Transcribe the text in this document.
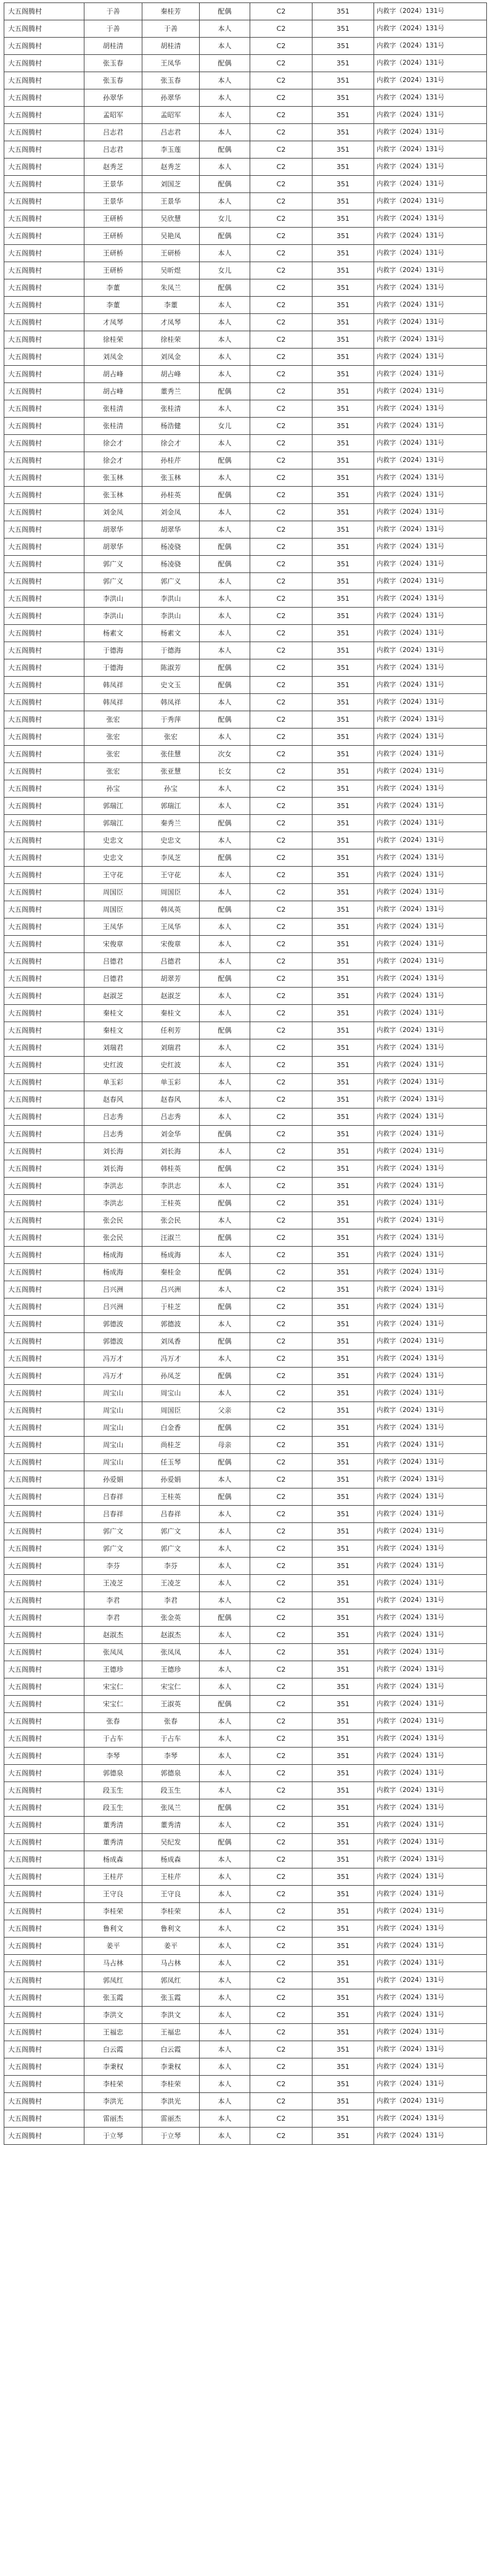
大五阁腾村	于善	秦桂芳	配偶	C2	351	内救字（2024）131号
大五阁腾村	于善	于善	本人	C2	351	内救字（2024）131号
大五阁腾村	胡桂清	胡桂清	本人	C2	351	内救字（2024）131号
大五阁腾村	张玉春	王凤华	配偶	C2	351	内救字（2024）131号
大五阁腾村	张玉春	张玉春	本人	C2	351	内救字（2024）131号
大五阁腾村	孙翠华	孙翠华	本人	C2	351	内救字（2024）131号
大五阁腾村	孟昭军	孟昭军	本人	C2	351	内救字（2024）131号
大五阁腾村	吕志君	吕志君	本人	C2	351	内救字（2024）131号
大五阁腾村	吕志君	李玉莲	配偶	C2	351	内救字（2024）131号
大五阁腾村	赵秀芝	赵秀芝	本人	C2	351	内救字（2024）131号
大五阁腾村	王景华	刘国芝	配偶	C2	351	内救字（2024）131号
大五阁腾村	王景华	王景华	本人	C2	351	内救字（2024）131号
大五阁腾村	王研桥	吴欣慧	女儿	C2	351	内救字（2024）131号
大五阁腾村	王研桥	吴艳凤	配偶	C2	351	内救字（2024）131号
大五阁腾村	王研桥	王研桥	本人	C2	351	内救字（2024）131号
大五阁腾村	王研桥	吴昕煜	女儿	C2	351	内救字（2024）131号
大五阁腾村	李董	朱凤兰	配偶	C2	351	内救字（2024）131号
大五阁腾村	李董	李董	本人	C2	351	内救字（2024）131号
大五阁腾村	才凤琴	才凤琴	本人	C2	351	内救字（2024）131号
大五阁腾村	徐桂荣	徐桂荣	本人	C2	351	内救字（2024）131号
大五阁腾村	刘凤金	刘凤金	本人	C2	351	内救字（2024）131号
大五阁腾村	胡占峰	胡占峰	本人	C2	351	内救字（2024）131号
大五阁腾村	胡占峰	董秀兰	配偶	C2	351	内救字（2024）131号
大五阁腾村	张桂清	张桂清	本人	C2	351	内救字（2024）131号
大五阁腾村	张桂清	杨浩健	女儿	C2	351	内救字（2024）131号
大五阁腾村	徐会才	徐会才	本人	C2	351	内救字（2024）131号
大五阁腾村	徐会才	孙桂芹	配偶	C2	351	内救字（2024）131号
大五阁腾村	张玉林	张玉林	本人	C2	351	内救字（2024）131号
大五阁腾村	张玉林	孙桂英	配偶	C2	351	内救字（2024）131号
大五阁腾村	刘金凤	刘金凤	本人	C2	351	内救字（2024）131号
大五阁腾村	胡翠华	胡翠华	本人	C2	351	内救字（2024）131号
大五阁腾村	胡翠华	杨凌骁	配偶	C2	351	内救字（2024）131号
大五阁腾村	郭广义	杨凌骁	配偶	C2	351	内救字（2024）131号
大五阁腾村	郭广义	郭广义	本人	C2	351	内救字（2024）131号
大五阁腾村	李洪山	李洪山	本人	C2	351	内救字（2024）131号
大五阁腾村	李洪山	李洪山	本人	C2	351	内救字（2024）131号
大五阁腾村	杨素文	杨素文	本人	C2	351	内救字（2024）131号
大五阁腾村	于德海	于德海	本人	C2	351	内救字（2024）131号
大五阁腾村	于德海	陈淑芳	配偶	C2	351	内救字（2024）131号
大五阁腾村	韩凤祥	史文玉	配偶	C2	351	内救字（2024）131号
大五阁腾村	韩凤祥	韩凤祥	本人	C2	351	内救字（2024）131号
大五阁腾村	张宏	于秀萍	配偶	C2	351	内救字（2024）131号
大五阁腾村	张宏	张宏	本人	C2	351	内救字（2024）131号
大五阁腾村	张宏	张佳慧	次女	C2	351	内救字（2024）131号
大五阁腾村	张宏	张亚慧	长女	C2	351	内救字（2024）131号
大五阁腾村	孙宝	孙宝	本人	C2	351	内救字（2024）131号
大五阁腾村	郭瑞江	郭瑞江	本人	C2	351	内救字（2024）131号
大五阁腾村	郭瑞江	秦秀兰	配偶	C2	351	内救字（2024）131号
大五阁腾村	史忠文	史忠文	本人	C2	351	内救字（2024）131号
大五阁腾村	史忠文	李凤芝	配偶	C2	351	内救字（2024）131号
大五阁腾村	王守花	王守花	本人	C2	351	内救字（2024）131号
大五阁腾村	周国臣	周国臣	本人	C2	351	内救字（2024）131号
大五阁腾村	周国臣	韩凤英	配偶	C2	351	内救字（2024）131号
大五阁腾村	王凤华	王凤华	本人	C2	351	内救字（2024）131号
大五阁腾村	宋俊章	宋俊章	本人	C2	351	内救字（2024）131号
大五阁腾村	吕德君	吕德君	本人	C2	351	内救字（2024）131号
大五阁腾村	吕德君	胡翠芳	配偶	C2	351	内救字（2024）131号
大五阁腾村	赵淑芝	赵淑芝	本人	C2	351	内救字（2024）131号
大五阁腾村	秦桂文	秦桂文	本人	C2	351	内救字（2024）131号
大五阁腾村	秦桂文	任利芳	配偶	C2	351	内救字（2024）131号
大五阁腾村	刘瑞君	刘瑞君	本人	C2	351	内救字（2024）131号
大五阁腾村	史红波	史红波	本人	C2	351	内救字（2024）131号
大五阁腾村	单玉彩	单玉彩	本人	C2	351	内救字（2024）131号
大五阁腾村	赵春风	赵春风	本人	C2	351	内救字（2024）131号
大五阁腾村	吕志秀	吕志秀	本人	C2	351	内救字（2024）131号
大五阁腾村	吕志秀	刘金华	配偶	C2	351	内救字（2024）131号
大五阁腾村	刘长海	刘长海	本人	C2	351	内救字（2024）131号
大五阁腾村	刘长海	韩桂英	配偶	C2	351	内救字（2024）131号
大五阁腾村	李洪志	李洪志	本人	C2	351	内救字（2024）131号
大五阁腾村	李洪志	王桂英	配偶	C2	351	内救字（2024）131号
大五阁腾村	张会民	张会民	本人	C2	351	内救字（2024）131号
大五阁腾村	张会民	汪淑兰	配偶	C2	351	内救字（2024）131号
大五阁腾村	杨成海	杨成海	本人	C2	351	内救字（2024）131号
大五阁腾村	杨成海	秦桂金	配偶	C2	351	内救字（2024）131号
大五阁腾村	吕兴洲	吕兴洲	本人	C2	351	内救字（2024）131号
大五阁腾村	吕兴洲	于桂芝	配偶	C2	351	内救字（2024）131号
大五阁腾村	郭德波	郭德波	本人	C2	351	内救字（2024）131号
大五阁腾村	郭德波	刘凤香	配偶	C2	351	内救字（2024）131号
大五阁腾村	冯万才	冯万才	本人	C2	351	内救字（2024）131号
大五阁腾村	冯万才	孙凤芝	配偶	C2	351	内救字（2024）131号
大五阁腾村	周宝山	周宝山	本人	C2	351	内救字（2024）131号
大五阁腾村	周宝山	周国臣	父亲	C2	351	内救字（2024）131号
大五阁腾村	周宝山	白金香	配偶	C2	351	内救字（2024）131号
大五阁腾村	周宝山	尚桂芝	母亲	C2	351	内救字（2024）131号
大五阁腾村	周宝山	任玉琴	配偶	C2	351	内救字（2024）131号
大五阁腾村	孙爱娟	孙爱娟	本人	C2	351	内救字（2024）131号
大五阁腾村	吕春祥	王桂英	配偶	C2	351	内救字（2024）131号
大五阁腾村	吕春祥	吕春祥	本人	C2	351	内救字（2024）131号
大五阁腾村	郭广文	郭广文	本人	C2	351	内救字（2024）131号
大五阁腾村	郭广文	郭广文	本人	C2	351	内救字（2024）131号
大五阁腾村	李芬	李芬	本人	C2	351	内救字（2024）131号
大五阁腾村	王凌芝	王凌芝	本人	C2	351	内救字（2024）131号
大五阁腾村	李君	李君	本人	C2	351	内救字（2024）131号
大五阁腾村	李君	张金英	配偶	C2	351	内救字（2024）131号
大五阁腾村	赵淑杰	赵淑杰	本人	C2	351	内救字（2024）131号
大五阁腾村	张凤凤	张凤凤	本人	C2	351	内救字（2024）131号
大五阁腾村	王德珍	王德珍	本人	C2	351	内救字（2024）131号
大五阁腾村	宋宝仁	宋宝仁	本人	C2	351	内救字（2024）131号
大五阁腾村	宋宝仁	王淑英	配偶	C2	351	内救字（2024）131号
大五阁腾村	张春	张春	本人	C2	351	内救字（2024）131号
大五阁腾村	于占车	于占车	本人	C2	351	内救字（2024）131号
大五阁腾村	李琴	李琴	本人	C2	351	内救字（2024）131号
大五阁腾村	郭德泉	郭德泉	本人	C2	351	内救字（2024）131号
大五阁腾村	段玉生	段玉生	本人	C2	351	内救字（2024）131号
大五阁腾村	段玉生	张凤兰	配偶	C2	351	内救字（2024）131号
大五阁腾村	董秀清	董秀清	本人	C2	351	内救字（2024）131号
大五阁腾村	董秀清	吴纪发	配偶	C2	351	内救字（2024）131号
大五阁腾村	杨成森	杨成森	本人	C2	351	内救字（2024）131号
大五阁腾村	王桂芹	王桂芹	本人	C2	351	内救字（2024）131号
大五阁腾村	王守良	王守良	本人	C2	351	内救字（2024）131号
大五阁腾村	李桂荣	李桂荣	本人	C2	351	内救字（2024）131号
大五阁腾村	鲁利文	鲁利文	本人	C2	351	内救字（2024）131号
大五阁腾村	姜平	姜平	本人	C2	351	内救字（2024）131号
大五阁腾村	马占林	马占林	本人	C2	351	内救字（2024）131号
大五阁腾村	郭凤红	郭凤红	本人	C2	351	内救字（2024）131号
大五阁腾村	张玉霞	张玉霞	本人	C2	351	内救字（2024）131号
大五阁腾村	李洪文	李洪文	本人	C2	351	内救字（2024）131号
大五阁腾村	王福忠	王福忠	本人	C2	351	内救字（2024）131号
大五阁腾村	白云霞	白云霞	本人	C2	351	内救字（2024）131号
大五阁腾村	李秉权	李秉权	本人	C2	351	内救字（2024）131号
大五阁腾村	李桂荣	李桂荣	本人	C2	351	内救字（2024）131号
大五阁腾村	李洪光	李洪光	本人	C2	351	内救字（2024）131号
大五阁腾村	雷丽杰	雷丽杰	本人	C2	351	内救字（2024）131号
大五阁腾村	于立琴	于立琴	本人	C2	351	内救字（2024）131号
